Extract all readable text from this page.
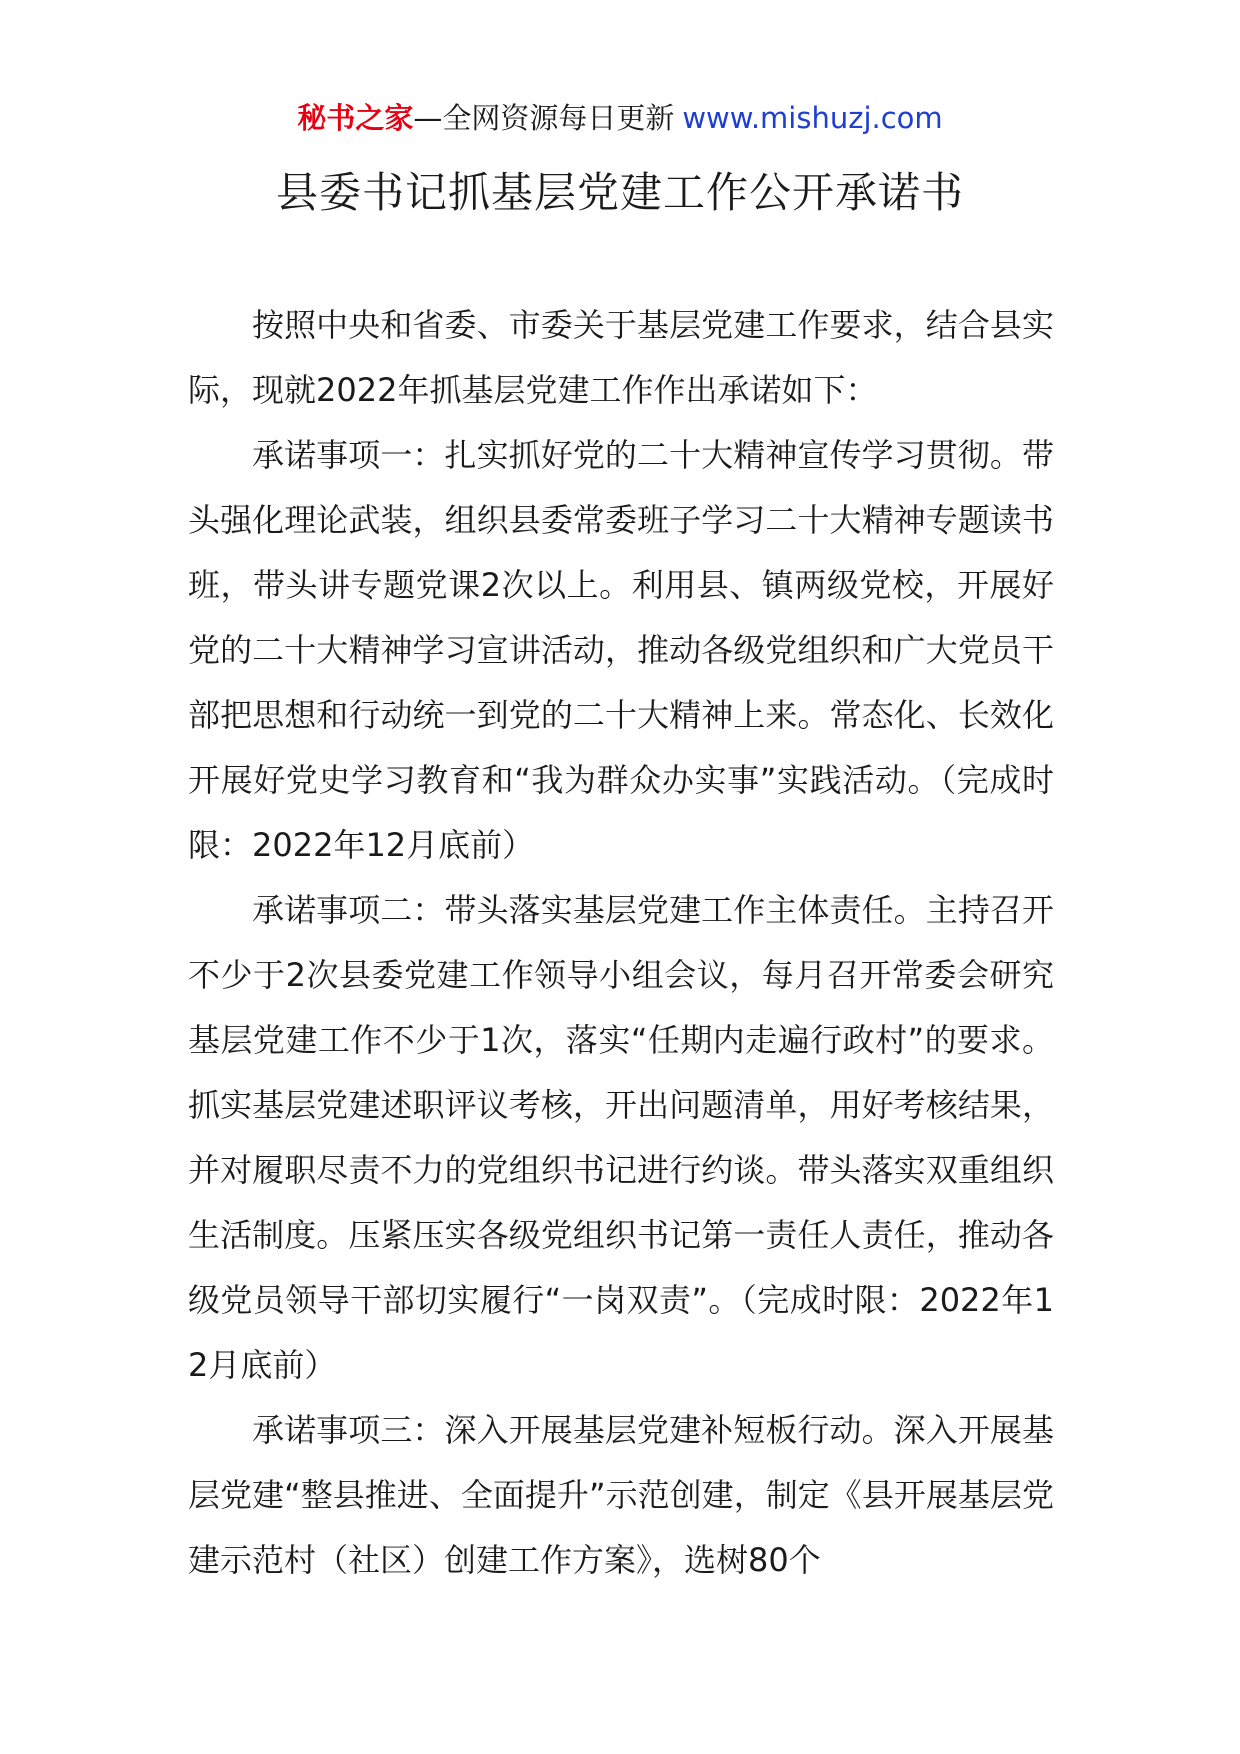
秘书之家—全网资源每日更新 www.mishuzj.com
县委书记抓基层党建工作公开承诺书

按照中央和省委、市委关于基层党建工作要求，结合县实际，现就2022年抓基层党建工作作出承诺如下：

承诺事项一：扎实抓好党的二十大精神宣传学习贯彻。带头强化理论武装，组织县委常委班子学习二十大精神专题读书班，带头讲专题党课2次以上。利用县、镇两级党校，开展好党的二十大精神学习宣讲活动，推动各级党组织和广大党员干部把思想和行动统一到党的二十大精神上来。常态化、长效化开展好党史学习教育和“我为群众办实事”实践活动。（完成时限：2022年12月底前）

承诺事项二：带头落实基层党建工作主体责任。主持召开不少于2次县委党建工作领导小组会议，每月召开常委会研究基层党建工作不少于1次，落实“任期内走遍行政村”的要求。抓实基层党建述职评议考核，开出问题清单，用好考核结果，并对履职尽责不力的党组织书记进行约谈。带头落实双重组织生活制度。压紧压实各级党组织书记第一责任人责任，推动各级党员领导干部切实履行“一岗双责”。（完成时限：2022年12月底前）

承诺事项三：深入开展基层党建补短板行动。深入开展基层党建“整县推进、全面提升”示范创建，制定《县开展基层党建示范村（社区）创建工作方案》，选树80个
